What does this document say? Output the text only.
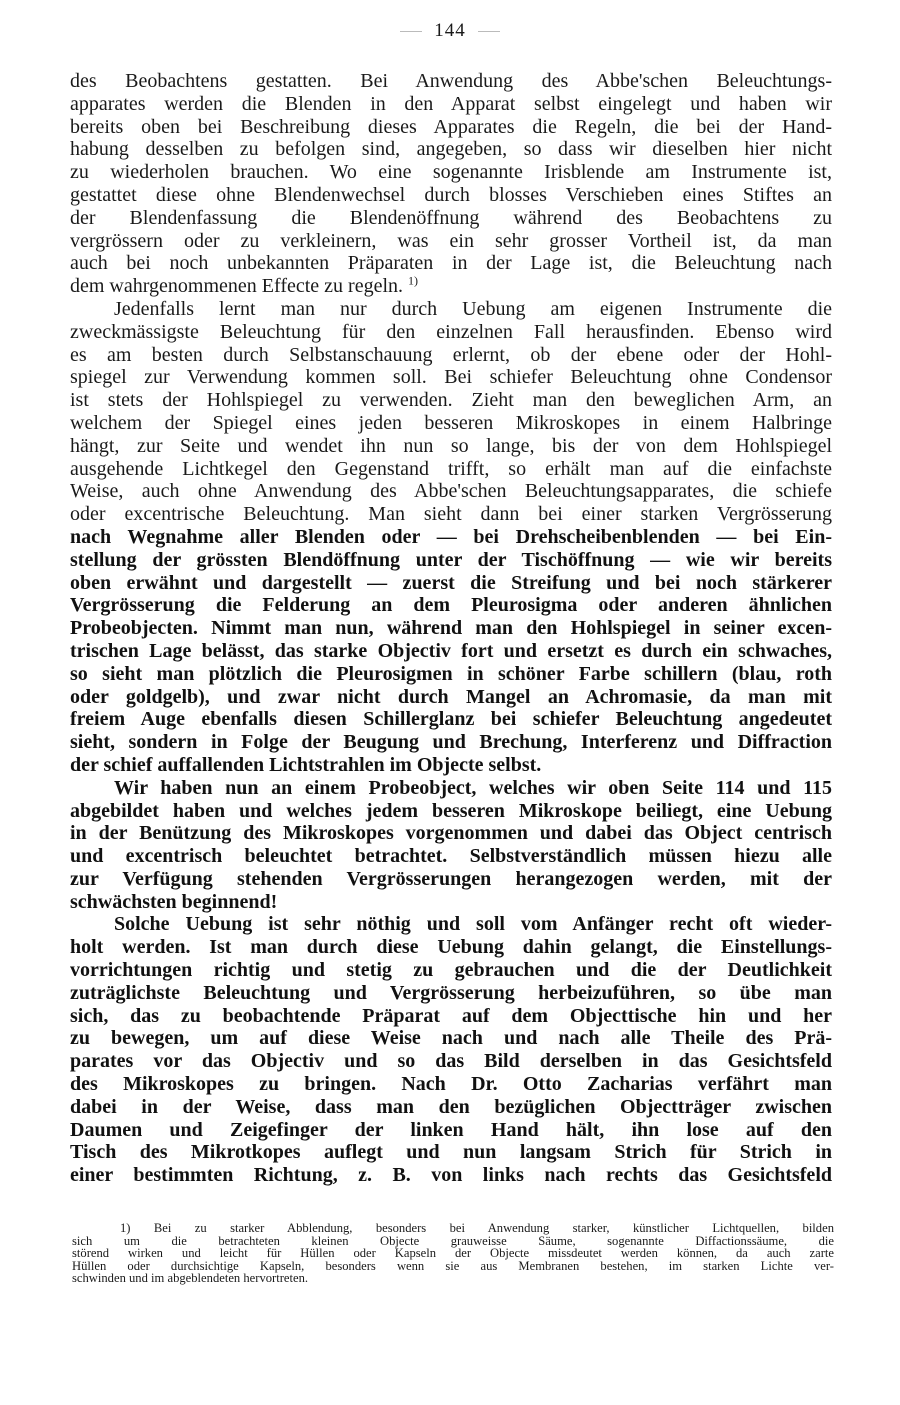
144

des Beobachtens gestatten. Bei Anwendung des Abbe'schen Beleuchtungs-

apparates werden die Blenden in den Apparat selbst eingelegt und haben wir

bereits oben bei Beschreibung dieses Apparates die Regeln, die bei der Hand-

habung desselben zu befolgen sind, angegeben, so dass wir dieselben hier nicht

zu wiederholen brauchen. Wo eine sogenannte Irisblende am Instrumente ist,

gestattet diese ohne Blendenwechsel durch blosses Verschieben eines Stiftes an

der Blendenfassung die Blendenöffnung während des Beobachtens zu

vergrössern oder zu verkleinern, was ein sehr grosser Vortheil ist, da man

auch bei noch unbekannten Präparaten in der Lage ist, die Beleuchtung nach

dem wahrgenommenen Effecte zu regeln. $^{1)}$

Jedenfalls lernt man nur durch Uebung am eigenen Instrumente die

zweckmässigste Beleuchtung für den einzelnen Fall herausfinden. Ebenso wird

es am besten durch Selbstanschauung erlernt, ob der ebene oder der Hohl-

spiegel zur Verwendung kommen soll. Bei schiefer Beleuchtung ohne Condensor

ist stets der Hohlspiegel zu verwenden. Zieht man den beweglichen Arm, an

welchem der Spiegel eines jeden besseren Mikroskopes in einem Halbringe

hängt, zur Seite und wendet ihn nun so lange, bis der von dem Hohlspiegel

ausgehende Lichtkegel den Gegenstand trifft, so erhält man auf die einfachste

Weise, auch ohne Anwendung des Abbe'schen Beleuchtungsapparates, die schiefe

oder excentrische Beleuchtung. Man sieht dann bei einer starken Vergrösserung

nach Wegnahme aller Blenden oder — bei Drehscheibenblenden — bei Ein-

stellung der grössten Blendöffnung unter der Tischöffnung — wie wir bereits

oben erwähnt und dargestellt — zuerst die Streifung und bei noch stärkerer

Vergrösserung die Felderung an dem Pleurosigma oder anderen ähnlichen

Probeobjecten. Nimmt man nun, während man den Hohlspiegel in seiner excen-

trischen Lage belässt, das starke Objectiv fort und ersetzt es durch ein schwaches,

so sieht man plötzlich die Pleurosigmen in schöner Farbe schillern (blau, roth

oder goldgelb), und zwar nicht durch Mangel an Achromasie, da man mit

freiem Auge ebenfalls diesen Schillerglanz bei schiefer Beleuchtung angedeutet

sieht, sondern in Folge der Beugung und Brechung, Interferenz und Diffraction

der schief auffallenden Lichtstrahlen im Objecte selbst.

Wir haben nun an einem Probeobject, welches wir oben Seite 114 und 115

abgebildet haben und welches jedem besseren Mikroskope beiliegt, eine Uebung

in der Benützung des Mikroskopes vorgenommen und dabei das Object centrisch

und excentrisch beleuchtet betrachtet. Selbstverständlich müssen hiezu alle

zur Verfügung stehenden Vergrösserungen herangezogen werden, mit der

schwächsten beginnend!

Solche Uebung ist sehr nöthig und soll vom Anfänger recht oft wieder-

holt werden. Ist man durch diese Uebung dahin gelangt, die Einstellungs-

vorrichtungen richtig und stetig zu gebrauchen und die der Deutlichkeit

zuträglichste Beleuchtung und Vergrösserung herbeizuführen, so übe man

sich, das zu beobachtende Präparat auf dem Objecttische hin und her

zu bewegen, um auf diese Weise nach und nach alle Theile des Prä-

parates vor das Objectiv und so das Bild derselben in das Gesichtsfeld

des Mikroskopes zu bringen. Nach Dr. Otto Zacharias verfährt man

dabei in der Weise, dass man den bezüglichen Objectträger zwischen

Daumen und Zeigefinger der linken Hand hält, ihn lose auf den

Tisch des Mikrotkopes auflegt und nun langsam Strich für Strich in

einer bestimmten Richtung, z. B. von links nach rechts das Gesichtsfeld

1) Bei zu starker Abblendung, besonders bei Anwendung starker, künstlicher Lichtquellen, bilden

sich um die betrachteten kleinen Objecte grauweisse Säume, sogenannte Diffactionssäume, die

störend wirken und leicht für Hüllen oder Kapseln der Objecte missdeutet werden können, da auch zarte

Hüllen oder durchsichtige Kapseln, besonders wenn sie aus Membranen bestehen, im starken Lichte ver-

schwinden und im abgeblendeten hervortreten.
